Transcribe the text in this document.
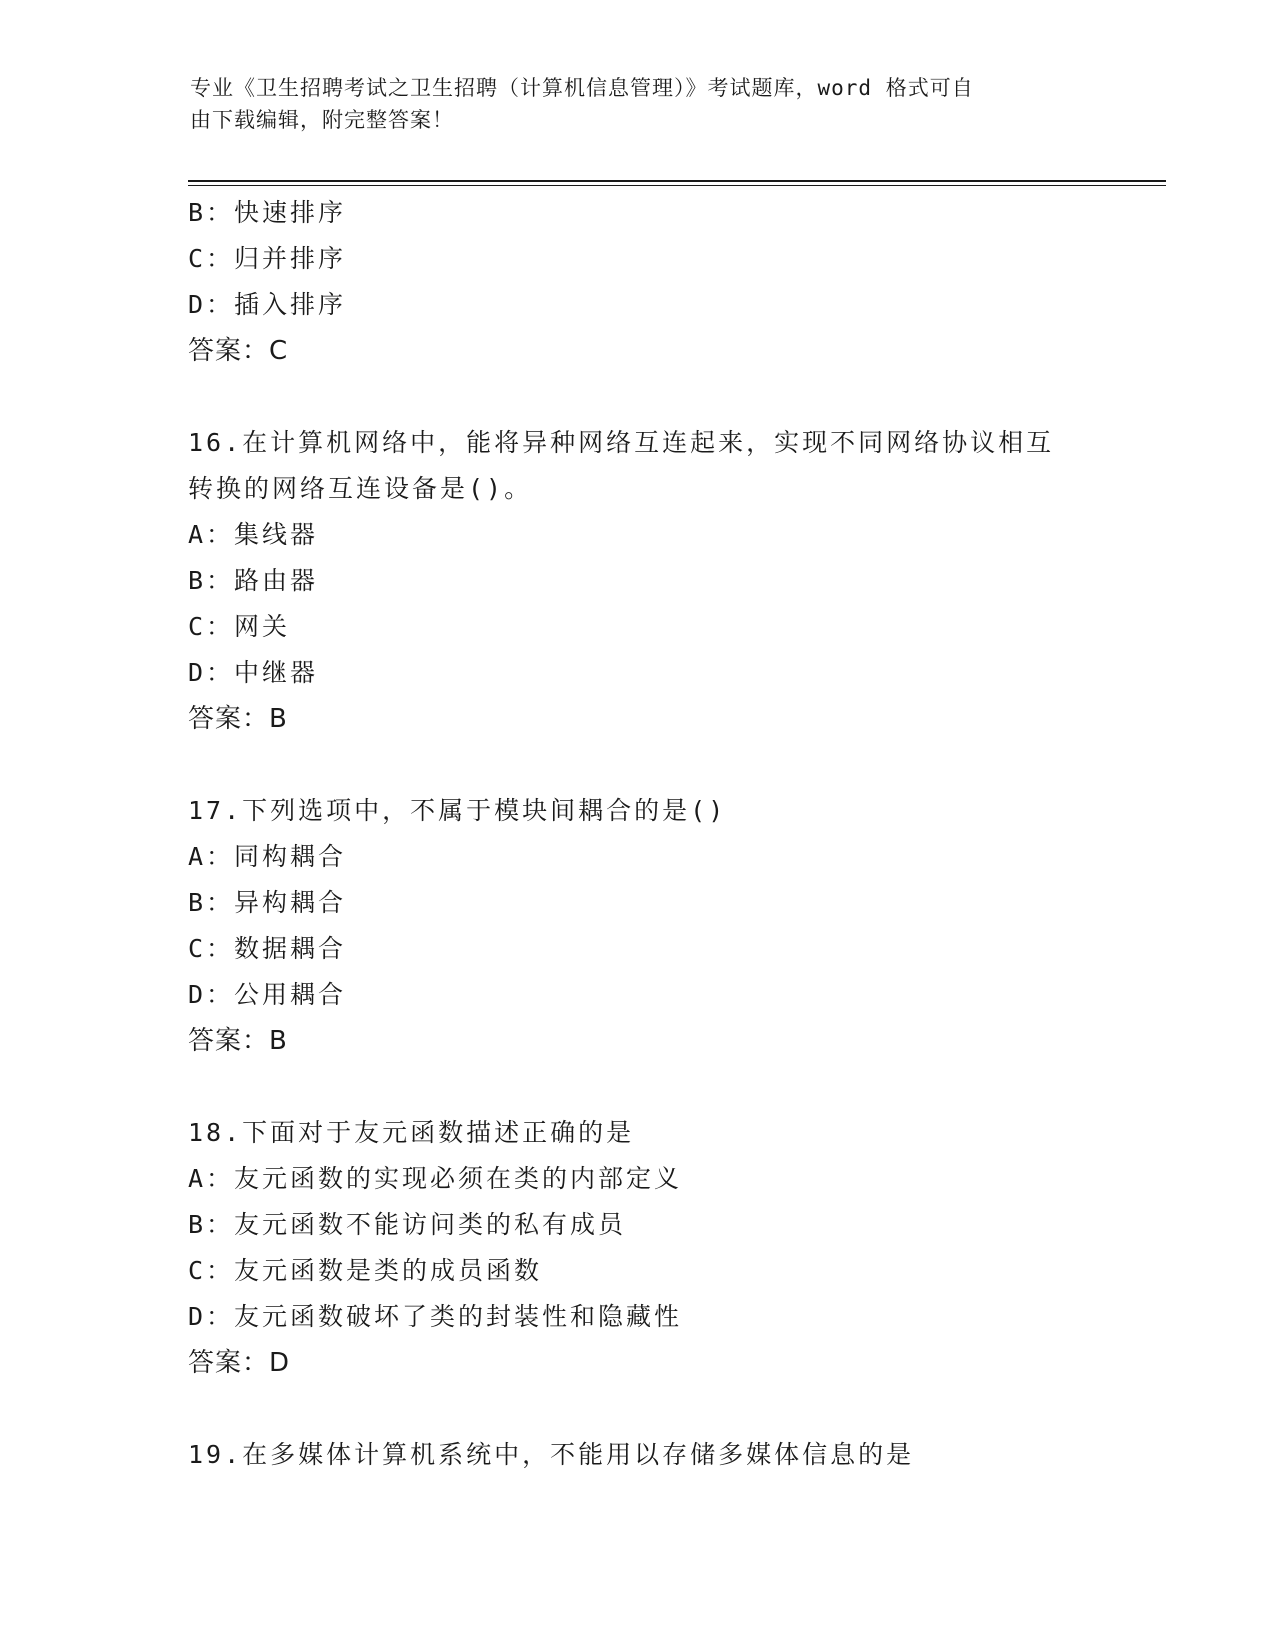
专业《卫生招聘考试之卫生招聘（计算机信息管理）》考试题库，word 格式可自
由下载编辑，附完整答案！
B：快速排序
C：归并排序
D：插入排序
答案：C
16.在计算机网络中，能将异种网络互连起来，实现不同网络协议相互
转换的网络互连设备是()。
A：集线器
B：路由器
C：网关
D：中继器
答案：B
17.下列选项中，不属于模块间耦合的是()
A：同构耦合
B：异构耦合
C：数据耦合
D：公用耦合
答案：B
18.下面对于友元函数描述正确的是
A：友元函数的实现必须在类的内部定义
B：友元函数不能访问类的私有成员
C：友元函数是类的成员函数
D：友元函数破坏了类的封装性和隐藏性
答案：D
19.在多媒体计算机系统中，不能用以存储多媒体信息的是
